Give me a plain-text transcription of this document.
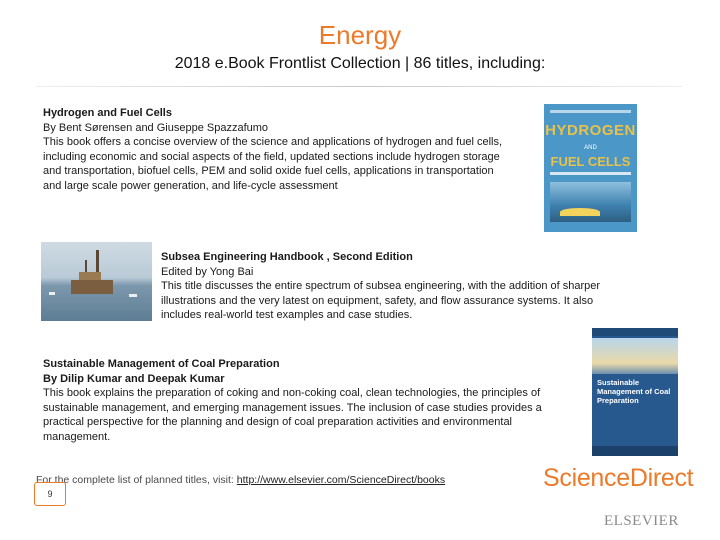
Energy
2018 e.Book Frontlist Collection | 86 titles, including:

Hydrogen and Fuel Cells

By Bent Sørensen and Giuseppe Spazzafumo

This book offers a concise overview of the science and applications of hydrogen and fuel cells, including economic and social aspects of the field, updated sections include hydrogen storage and transportation, biofuel cells, PEM and solid oxide fuel cells, applications in transportation and large scale power generation, and life-cycle assessment

HYDROGEN
AND
FUEL CELLS

Subsea Engineering Handbook , Second Edition

Edited by Yong Bai

This title discusses the entire spectrum of subsea engineering, with the addition of sharper illustrations and the very latest on equipment, safety, and flow assurance systems. It also includes real-world test examples and case studies.

Sustainable Management of Coal Preparation

By Dilip Kumar and Deepak Kumar

This book explains the preparation of coking and non-coking coal, clean technologies, the principles of sustainable management, and emerging management issues. The inclusion of case studies provides a practical perspective for the planning and design of coal preparation activities and environmental management.

Sustainable Management of Coal Preparation
For the complete list of planned titles, visit: http://www.elsevier.com/ScienceDirect/books	ScienceDirect
9
ELSEVIER
